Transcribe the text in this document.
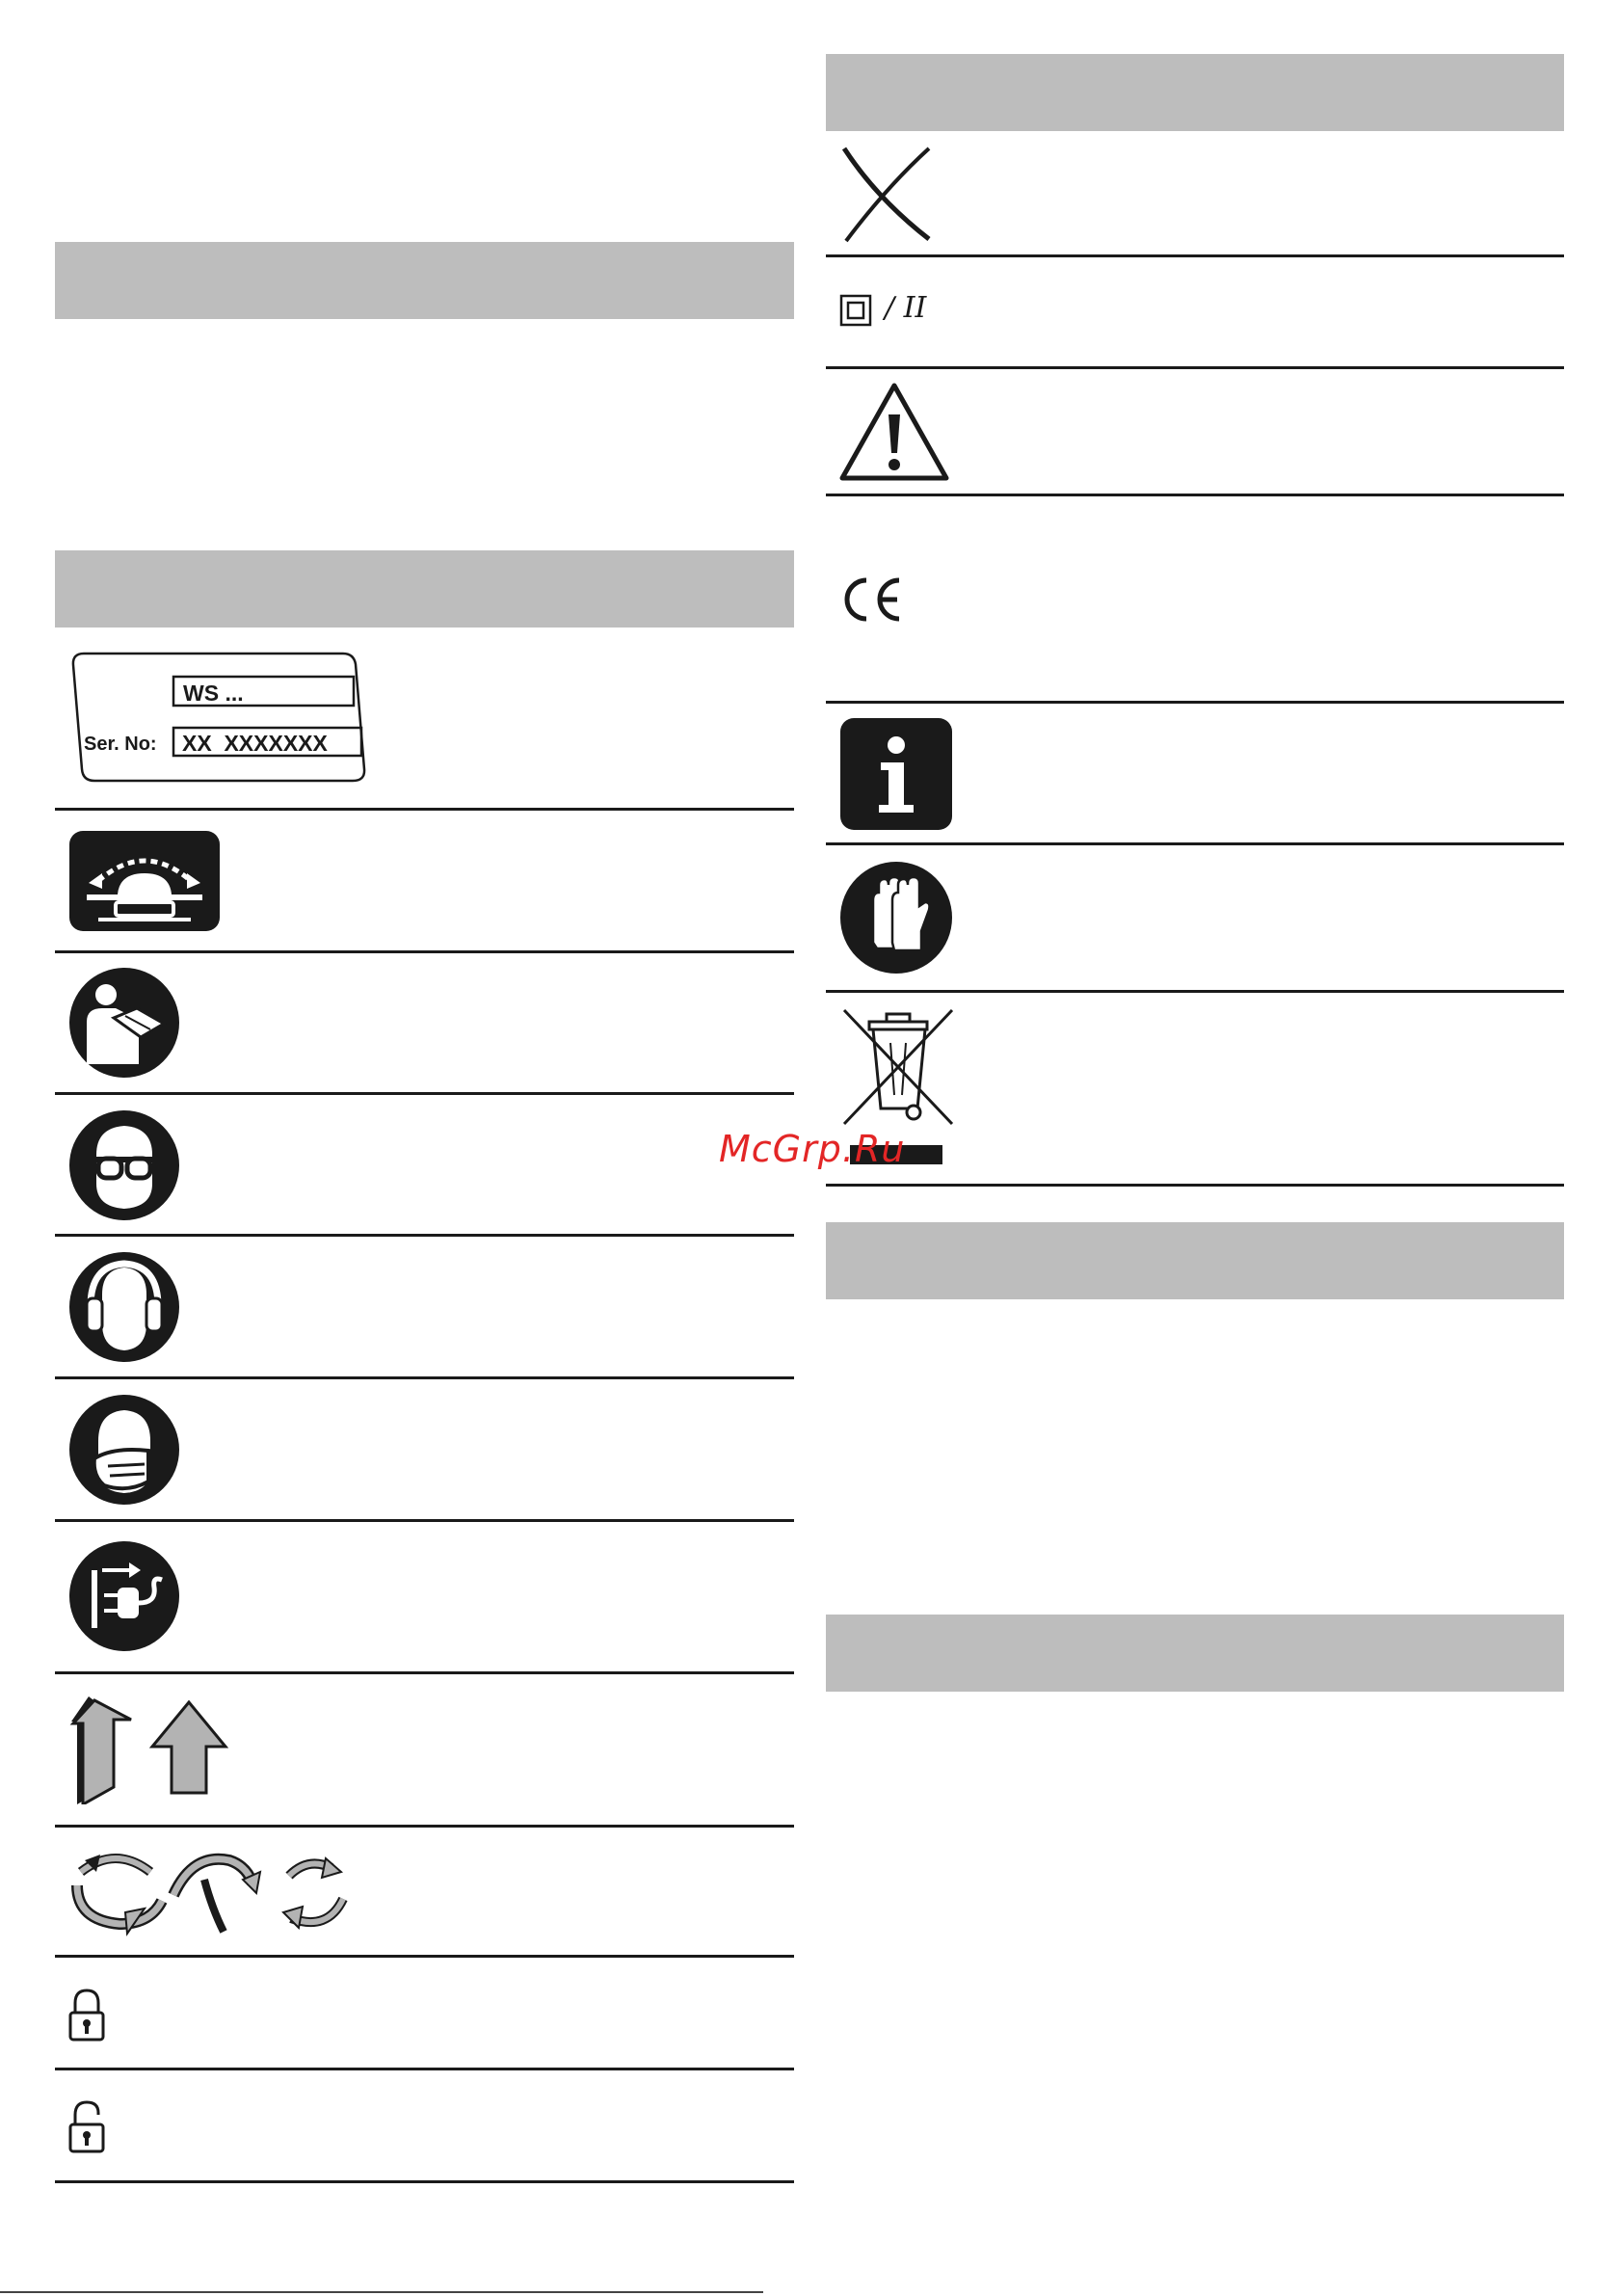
WS ...
Ser. No: XX  XXXXXXX
/ II
McGrp.Ru
